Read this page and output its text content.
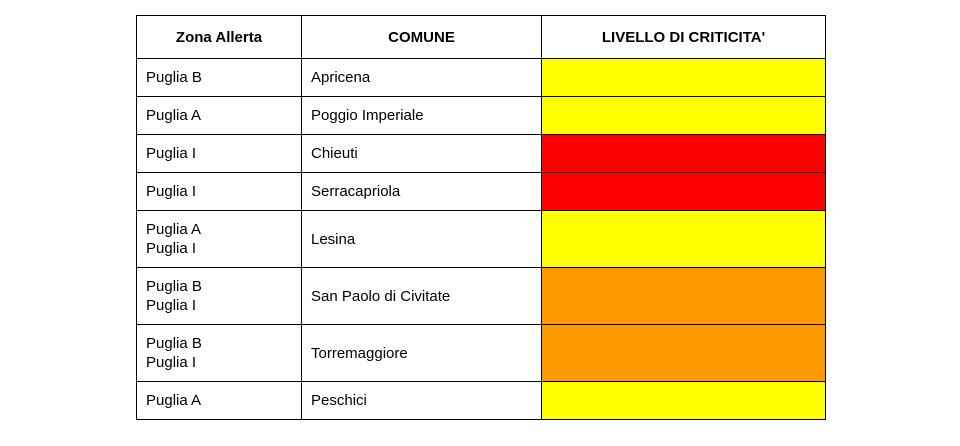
Zona Allerta	COMUNE	LIVELLO DI CRITICITA'

Puglia B	Apricena	

Puglia A	Poggio Imperiale	

Puglia I	Chieuti	

Puglia I	Serracapriola	

Puglia A
Puglia I	Lesina	

Puglia B
Puglia I	San Paolo di Civitate	

Puglia B
Puglia I	Torremaggiore	

Puglia A	Peschici	
